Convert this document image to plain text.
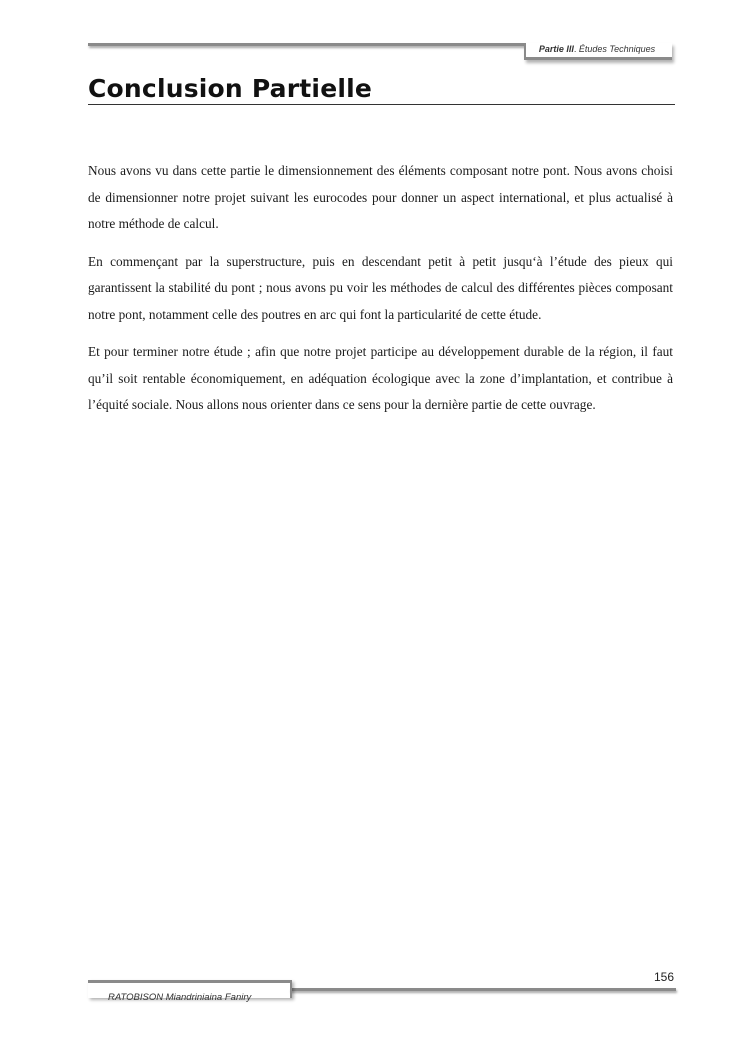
Partie III. Études Techniques
Conclusion Partielle

Nous avons vu dans cette partie le dimensionnement des éléments composant notre pont. Nous avons choisi de dimensionner notre projet suivant les eurocodes pour donner un aspect international, et plus actualisé à notre méthode de calcul.

En commençant par la superstructure, puis en descendant petit à petit jusqu‘à l’étude des pieux qui garantissent la stabilité du pont ; nous avons pu voir les méthodes de calcul des différentes pièces composant notre pont, notamment celle des poutres en arc qui font la particularité de cette étude.

Et pour terminer notre étude ; afin que notre projet participe au développement durable de la région, il faut qu’il soit rentable économiquement, en adéquation écologique avec la zone d’implantation, et contribue à l’équité sociale. Nous allons nous orienter dans ce sens pour la dernière partie de cette ouvrage.

156
RATOBISON Miandriniaina Faniry
